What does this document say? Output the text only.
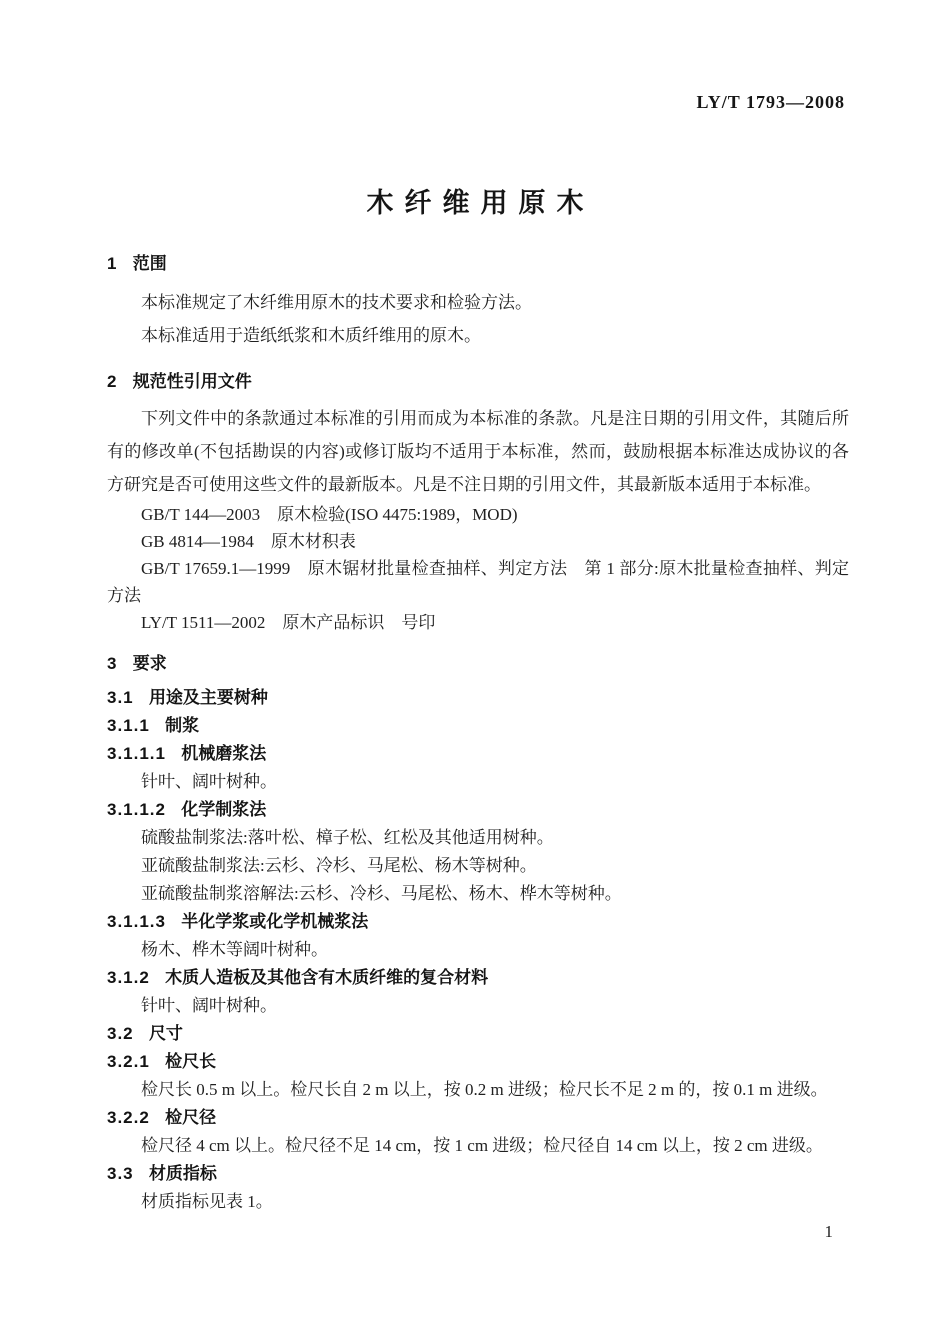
LY/T 1793—2008
木纤维用原木
1 范围

本标准规定了木纤维用原木的技术要求和检验方法。

本标准适用于造纸纸浆和木质纤维用的原木。

2 规范性引用文件

下列文件中的条款通过本标准的引用而成为本标准的条款。凡是注日期的引用文件，其随后所有的修改单(不包括勘误的内容)或修订版均不适用于本标准，然而，鼓励根据本标准达成协议的各方研究是否可使用这些文件的最新版本。凡是不注日期的引用文件，其最新版本适用于本标准。

GB/T 144—2003　原木检验(ISO 4475:1989，MOD)

GB 4814—1984　原木材积表

GB/T 17659.1—1999　原木锯材批量检查抽样、判定方法　第 1 部分:原木批量检查抽样、判定方法

LY/T 1511—2002　原木产品标识　号印

3 要求
3.1 用途及主要树种
3.1.1 制浆
3.1.1.1 机械磨浆法

针叶、阔叶树种。

3.1.1.2 化学制浆法

硫酸盐制浆法:落叶松、樟子松、红松及其他适用树种。

亚硫酸盐制浆法:云杉、冷杉、马尾松、杨木等树种。

亚硫酸盐制浆溶解法:云杉、冷杉、马尾松、杨木、桦木等树种。

3.1.1.3 半化学浆或化学机械浆法

杨木、桦木等阔叶树种。

3.1.2 木质人造板及其他含有木质纤维的复合材料

针叶、阔叶树种。

3.2 尺寸
3.2.1 检尺长

检尺长 0.5 m 以上。检尺长自 2 m 以上，按 0.2 m 进级；检尺长不足 2 m 的，按 0.1 m 进级。

3.2.2 检尺径

检尺径 4 cm 以上。检尺径不足 14 cm，按 1 cm 进级；检尺径自 14 cm 以上，按 2 cm 进级。

3.3 材质指标

材质指标见表 1。

1
